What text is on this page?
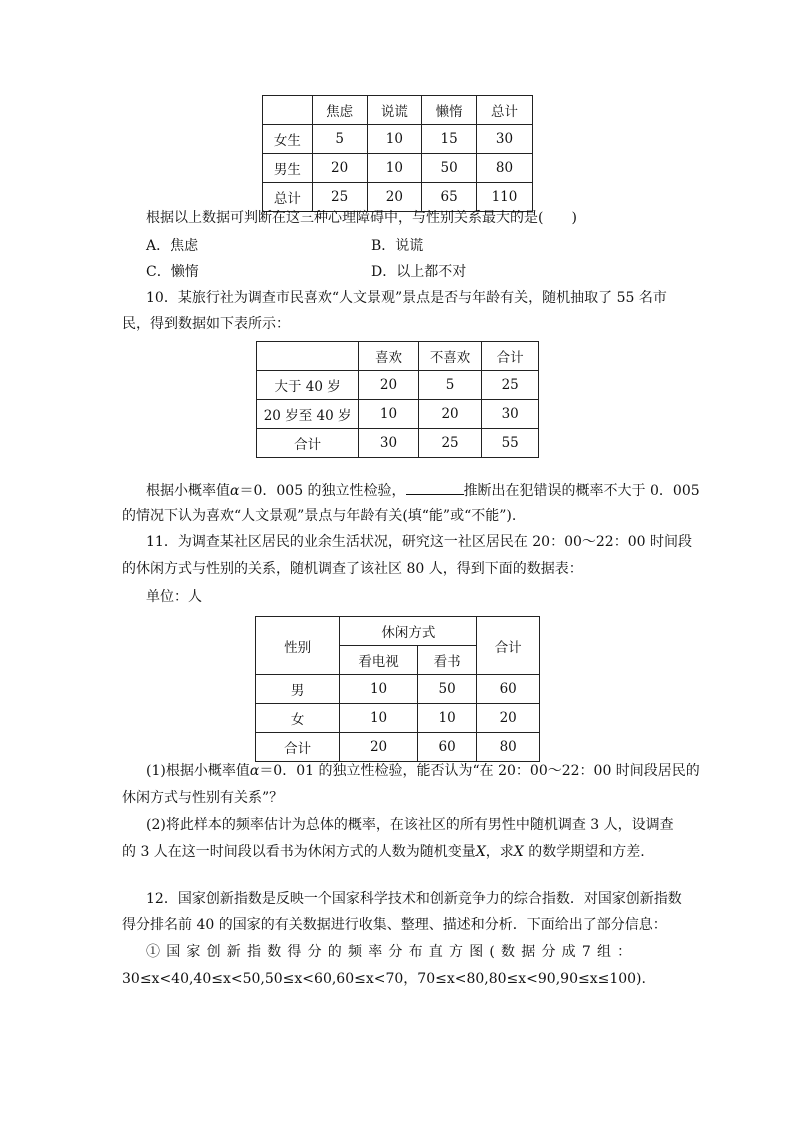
	焦虑	说谎	懒惰	总计
女生	5	10	15	30
男生	20	10	50	80
总计	25	20	65	110
根据以上数据可判断在这三种心理障碍中，与性别关系最大的是(　　)
A．焦虑	B．说谎
C．懒惰	D．以上都不对
10．某旅行社为调查市民喜欢“人文景观”景点是否与年龄有关，随机抽取了 55 名市
民，得到数据如下表所示：
	喜欢	不喜欢	合计
大于 40 岁	20	5	25
20 岁至 40 岁	10	20	30
合计	30	25	55
根据小概率值α＝0．005 的独立性检验，	推断出在犯错误的概率不大于 0．005
的情况下认为喜欢“人文景观”景点与年龄有关(填“能”或“不能”).
11．为调查某社区居民的业余生活状况，研究这一社区居民在 20：00～22：00 时间段
的休闲方式与性别的关系，随机调查了该社区 80 人，得到下面的数据表：
单位：人
性别	休闲方式		合计
	看电视	看书	
男	10	50	60
女	10	10	20
合计	20	60	80
(1)根据小概率值α＝0．01 的独立性检验，能否认为“在 20：00～22：00 时间段居民的
休闲方式与性别有关系”？
(2)将此样本的频率估计为总体的概率，在该社区的所有男性中随机调查 3 人，设调查
的 3 人在这一时间段以看书为休闲方式的人数为随机变量X，求X 的数学期望和方差.
12．国家创新指数是反映一个国家科学技术和创新竞争力的综合指数．对国家创新指数
得分排名前 40 的国家的有关数据进行收集、整理、描述和分析．下面给出了部分信息：
①国家创新指数得分的频率分布直方图(数据分成7组：
30≤x<40,40≤x<50,50≤x<60,60≤x<70，70≤x<80,80≤x<90,90≤x≤100).
